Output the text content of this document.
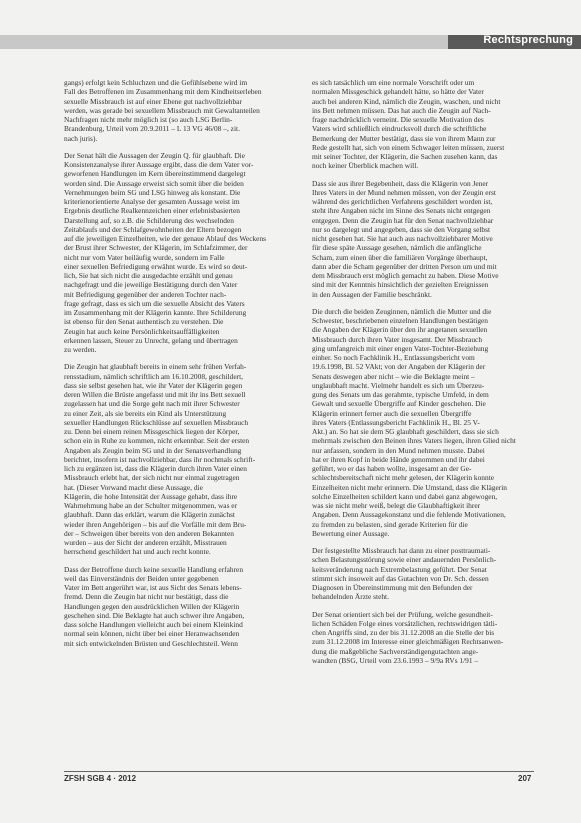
Rechtsprechung
gangs) erfolgt kein Schluchzen und die Gefühlsebene wird im
Fall des Betroffenen im Zusammenhang mit dem Kindheitserleben
sexuelle Missbrauch ist auf einer Ebene gut nachvollziehbar
werden, was gerade bei sexuellem Missbrauch mit Gewaltanteilen
Nachfragen nicht mehr möglich ist (so auch LSG Berlin-
Brandenburg, Urteil vom 20.9.2011 – L 13 VG 46/08 –, zit.
nach juris).
Der Senat hält die Aussagen der Zeugin Q. für glaubhaft. Die
Konsistenzanalyse ihrer Aussage ergibt, dass die dem Vater vor-
geworfenen Handlungen im Kern übereinstimmend dargelegt
worden sind. Die Aussage erweist sich somit über die beiden
Vernehmungen beim SG und LSG hinweg als konstant. Die
kriterienorientierte Analyse der gesamten Aussage weist im
Ergebnis deutliche Realkennzeichen einer erlebnisbasierten
Darstellung auf, so z.B. die Schilderung des wechselnden
Zeitablaufs und der Schlafgewohnheiten der Eltern bezogen
auf die jeweiligen Einzelheiten, wie der genaue Ablauf des Weckens
der Brust ihrer Schwester, der Klägerin, im Schlafzimmer, der
nicht nur vom Vater beiläufig wurde, sondern im Falle
einer sexuellen Befriedigung erwähnt wurde. Es wird so deut-
lich, Sie hat sich nicht die ausgedachte erzählt und genau
nachgefragt und die jeweilige Bestätigung durch den Vater
mit Befriedigung gegenüber der anderen Tochter nach-
frage gefragt, dass es sich um die sexuelle Absicht des Vaters
im Zusammenhang mit der Klägerin kannte. Ihre Schilderung
ist ebenso für den Senat authentisch zu verstehen. Die
Zeugin hat auch keine Persönlichkeitsauffälligkeiten
erkennen lassen, Steuer zu Unrecht, gelang und übertragen
zu werden.
Die Zeugin hat glaubhaft bereits in einem sehr frühen Verfah-
rensstadium, nämlich schriftlich am 16.10.2008, geschildert,
dass sie selbst gesehen hat, wie ihr Vater der Klägerin gegen
deren Willen die Brüste angefasst und mit ihr ins Bett sexuell
zugelassen hat und die Sorge geht nach mit ihrer Schwester
zu einer Zeit, als sie bereits ein Kind als Unterstützung
sexueller Handlungen Rückschlüsse auf sexuellen Missbrauch
zu. Denn bei einem reinen Missgeschick liegen der Körper,
schon ein in Ruhe zu kommen, nicht erkennbar. Seit der ersten
Angaben als Zeugin beim SG und in der Senatsverhandlung
berichtet, insofern ist nachvollziehbar, dass ihr nochmals schrift-
lich zu ergänzen ist, dass die Klägerin durch ihren Vater einen
Missbrauch erlebt hat, der sich nicht nur einmal zugetragen
hat. (Dieser Vorwand macht diese Aussage, die
Klägerin, die hohe Intensität der Aussage gehabt, dass ihre
Wahrnehmung habe an der Schulter mitgenommen, was er
glaubhaft. Dann das erklärt, warum die Klägerin zunächst
wieder ihren Angehörigen – bis auf die Vorfälle mit dem Bru-
der – Schweigen über bereits von den anderen Bekannten
wurden – aus der Sicht der anderen erzählt, Misstrauen
herrschend geschildert hat und auch recht konnte.
Dass der Betroffene durch keine sexuelle Handlung erfahren
weil das Einverständnis der Beiden unter gegebenen
Vater im Bett angerührt war, ist aus Sicht des Senats lebens-
fremd. Denn die Zeugin hat nicht nur bestätigt, dass die
Handlungen gegen den ausdrücklichen Willen der Klägerin
geschehen sind. Die Beklagte hat auch schwer ihre Angaben,
dass solche Handlungen vielleicht auch bei einem Kleinkind
normal sein können, nicht über bei einer Heranwachsenden
mit sich entwickelnden Brüsten und Geschlechtsteil. Wenn
es sich tatsächlich um eine normale Vorschrift oder um
normalen Missgeschick gehandelt hätte, so hätte der Vater
auch bei anderen Kind, nämlich die Zeugin, waschen, und nicht
ins Bett nehmen müssen. Das hat auch die Zeugin auf Nach-
frage nachdrücklich verneint. Die sexuelle Motivation des
Vaters wird schließlich eindrucksvoll durch die schriftliche
Bemerkung der Mutter bestätigt, dass sie von ihrem Mann zur
Rede gestellt hat, sich von einem Schwager leiten müssen, zuerst
mit seiner Tochter, der Klägerin, die Sachen zusehen kann, das
noch keiner Überblick machen will.
Dass sie aus ihrer Begebenheit, dass die Klägerin von Jener
Ihres Vaters in der Mund nehmen müssen, von der Zeugin erst
während des gerichtlichen Verfahrens geschildert worden ist,
steht ihre Angaben nicht im Sinne des Senats nicht entgegen
entgegen. Denn die Zeugin hat für den Senat nachvollziehbar
nur so dargelegt und angegeben, dass sie den Vorgang selbst
nicht gesehen hat. Sie hat auch aus nachvollziehbarer Motive
für diese späte Aussage gesehen, nämlich die anfängliche
Scham, zum einen über die familiären Vorgänge überhaupt,
dann aber die Scham gegenüber der dritten Person um und mit
dem Missbrauch erst möglich gemacht zu haben. Diese Motive
sind mit der Kenntnis hinsichtlich der gezielten Ereignissen
in den Aussagen der Familie beschränkt.
Die durch die beiden Zeuginnen, nämlich die Mutter und die
Schwester, beschriebenen einzelnen Handlungen bestätigen
die Angaben der Klägerin über den ihr angetanen sexuellen
Missbrauch durch ihren Vater insgesamt. Der Missbrauch
ging umfangreich mit einer engen Vater-Tochter-Beziehung
einher. So noch Fachklinik H., Entlassungsbericht vom
19.6.1998, Bl. 52 VAkt; von der Angaben der Klägerin der
Senats deswegen aber nicht – wie die Beklagte meint –
unglaubhaft macht. Vielmehr handelt es sich um Überzeu-
gung des Senats um das gerahmte, typische Umfeld, in dem
Gewalt und sexuelle Übergriffe auf Kinder geschehen. Die
Klägerin erinnert ferner auch die sexuellen Übergriffe
ihres Vaters (Entlassungsbericht Fachklinik H., Bl. 25 V-
Akt.) an. So hat sie dem SG glaubhaft geschildert, dass sie sich
mehrmals zwischen den Beinen ihres Vaters liegen, ihren Glied nicht
nur anfassen, sondern in den Mund nehmen musste. Dabei
hat er ihren Kopf in beide Hände genommen und ihr dabei
geführt, wo er das haben wollte, insgesamt an der Ge-
schlechtsbereitschaft nicht mehr gelesen, der Klägerin konnte
Einzelheiten nicht mehr erinnern. Die Umstand, dass die Klägerin
solche Einzelheiten schildert kann und dabei ganz abgewogen,
was sie nicht mehr weiß, belegt die Glaubhaftigkeit ihrer
Angaben. Denn Aussagekonstanz und die fehlende Motivationen,
zu fremden zu belasten, sind gerade Kriterien für die
Bewertung einer Aussage.
Der festgestellte Missbrauch hat dann zu einer posttraumati-
schen Belastungsstörung sowie einer andauernden Persönlich-
keitsveränderung nach Extrembelastung geführt. Der Senat
stimmt sich insoweit auf das Gutachten von Dr. Sch. dessen
Diagnosen in Übereinstimmung mit den Befunden der
behandelnden Ärzte steht.
Der Senat orientiert sich bei der Prüfung, welche gesundheit-
lichen Schäden Folge eines vorsätzlichen, rechtswidrigen tätli-
chen Angriffs sind, zu der bis 31.12.2008 an die Stelle der bis
zum 31.12.2008 im Interesse einer gleichmäßigen Rechtsanwen-
dung die maßgebliche Sachverständigengutachten ange-
wandten (BSG, Urteil vom 23.6.1993 – 9/9a RVs 1/91 –
ZFSH SGB 4 · 2012	207
